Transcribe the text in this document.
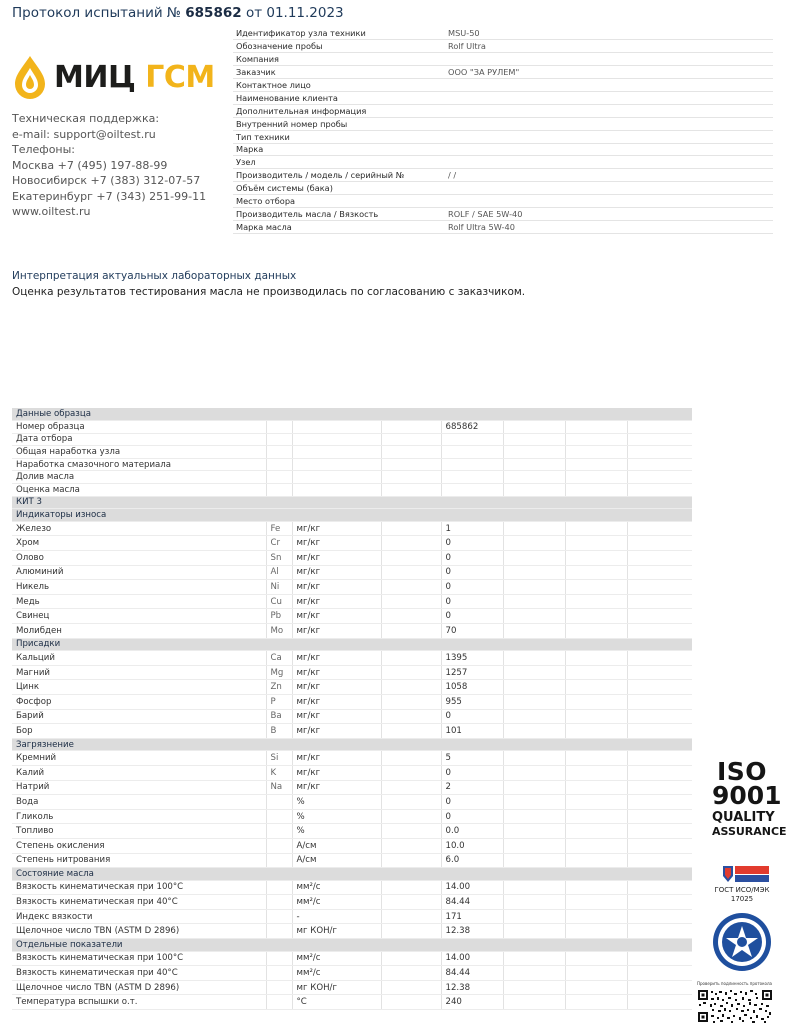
Протокол испытаний № 685862 от 01.11.2023
МИЦ ГСМ
Техническая поддержка:
e-mail: support@oiltest.ru
Телефоны:
Москва +7 (495) 197-88-99
Новосибирск +7 (383) 312-07-57
Екатеринбург +7 (343) 251-99-11
www.oiltest.ru
Идентификатор узла техники	MSU-50
Обозначение пробы	Rolf Ultra
Компания	
Заказчик	ООО "ЗА РУЛЕМ"
Контактное лицо	
Наименование клиента	
Дополнительная информация	
Внутренний номер пробы	
Тип техники	
Марка	
Узел	
Производитель / модель / серийный №	/ /
Объём системы (бака)	
Место отбора	
Производитель масла / Вязкость	ROLF / SAE 5W-40
Марка масла	Rolf Ultra 5W-40
Интерпретация актуальных лабораторных данных
Оценка результатов тестирования масла не производилась по согласованию с заказчиком.
Данные образца							
Номер образца				685862			
Дата отбора							
Общая наработка узла							
Наработка смазочного материала							
Долив масла							
Оценка масла							
КИТ 3							
Индикаторы износа							
Железо	Fe	мг/кг		1			
Хром	Cr	мг/кг		0			
Олово	Sn	мг/кг		0			
Алюминий	Al	мг/кг		0			
Никель	Ni	мг/кг		0			
Медь	Cu	мг/кг		0			
Свинец	Pb	мг/кг		0			
Молибден	Mo	мг/кг		70			
Присадки							
Кальций	Ca	мг/кг		1395			
Магний	Mg	мг/кг		1257			
Цинк	Zn	мг/кг		1058			
Фосфор	P	мг/кг		955			
Барий	Ba	мг/кг		0			
Бор	B	мг/кг		101			
Загрязнение							
Кремний	Si	мг/кг		5			
Калий	K	мг/кг		0			
Натрий	Na	мг/кг		2			
Вода		%		0			
Гликоль		%		0			
Топливо		%		0.0			
Степень окисления		А/см		10.0			
Степень нитрования		А/см		6.0			
Состояние масла							
Вязкость кинематическая при 100°С		мм²/с		14.00			
Вязкость кинематическая при 40°С		мм²/с		84.44			
Индекс вязкости		-		171			
Щелочное число TBN (ASTM D 2896)		мг КОН/г		12.38			
Отдельные показатели							
Вязкость кинематическая при 100°С		мм²/с		14.00			
Вязкость кинематическая при 40°С		мм²/с		84.44			
Щелочное число TBN (ASTM D 2896)		мг КОН/г		12.38			
Температура вспышки о.т.		°С		240			
ISO
9001
QUALITY
ASSURANCE
ГОСТ ИСО/МЭК 17025
Проверить подлинность протокола
